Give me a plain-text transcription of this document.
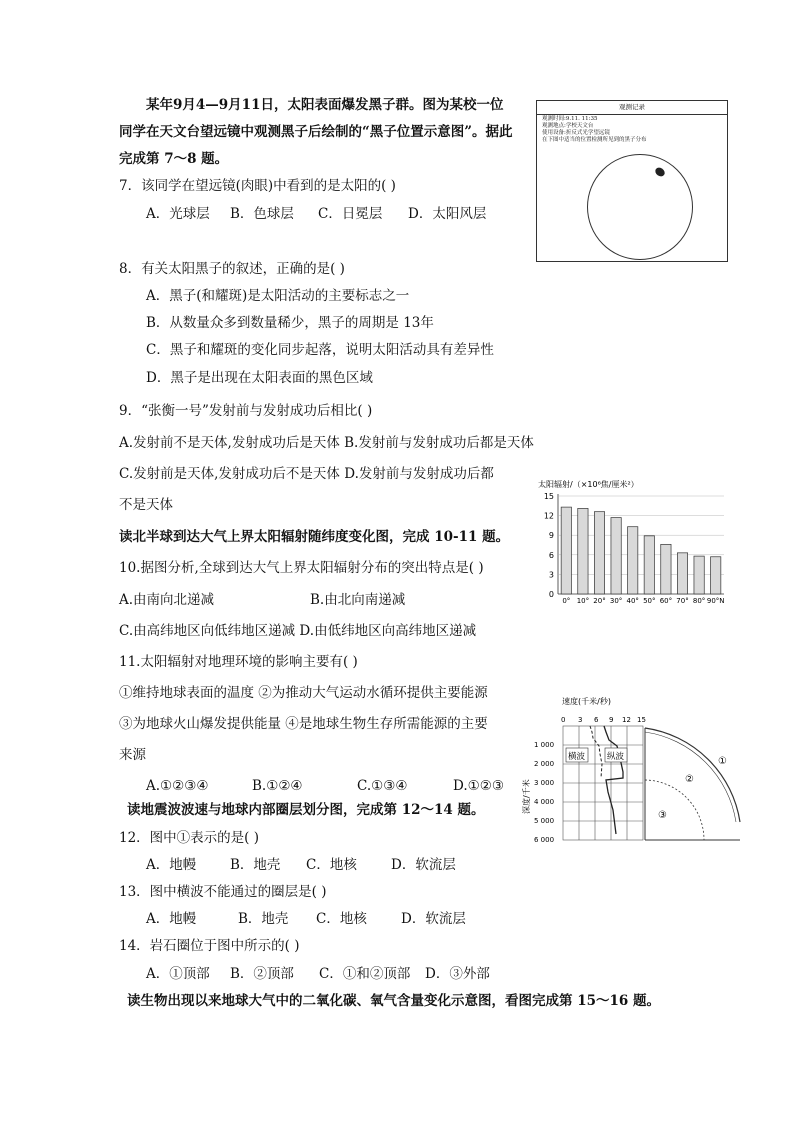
某年9月4—9月11日，太阳表面爆发黑子群。图为某校一位
同学在天文台望远镜中观测黑子后绘制的“黑子位置示意图”。据此
完成第 7～8 题。
观测记录
观测时间:9.11. 11:35
观测地点:学校天文台
使用设备:折反式光学望远镜
在下图中适当的位置检测所见到的黑子分布
7．该同学在望远镜(肉眼)中看到的是太阳的( )
A．光球层 B．色球层 C．日冕层 D．太阳风层
8．有关太阳黑子的叙述，正确的是( )
A．黑子(和耀斑)是太阳活动的主要标志之一
B．从数量众多到数量稀少，黑子的周期是 13年
C．黑子和耀斑的变化同步起落，说明太阳活动具有差异性
D．黑子是出现在太阳表面的黑色区域
9．“张衡一号”发射前与发射成功后相比( )
A.发射前不是天体,发射成功后是天体 B.发射前与发射成功后都是天体
C.发射前是天体,发射成功后不是天体 D.发射前与发射成功后都
不是天体
太阳辐射/（×10⁶焦/厘米²）
0
3
6
9
12
15
0° 10° 20° 30° 40° 50° 60° 70° 80° 90°N
读北半球到达大气上界太阳辐射随纬度变化图，完成 10-11 题。
10.据图分析,全球到达大气上界太阳辐射分布的突出特点是( )
A.由南向北递减	B.由北向南递减
C.由高纬地区向低纬地区递减 D.由低纬地区向高纬地区递减
11.太阳辐射对地理环境的影响主要有( )
①维持地球表面的温度 ②为推动大气运动水循环提供主要能源
③为地球火山爆发提供能量 ④是地球生物生存所需能源的主要
来源
A.①②③④	B.①②④	C.①③④	D.①②③
读地震波波速与地球内部圈层划分图，完成第 12～14 题。
速度(千米/秒)
0 3 6 9 12 15
1 000
2 000
3 000
4 000
5 000
6 000
深度/千米
横波	纵波	①
②
③
12．图中①表示的是( )
A．地幔	B．地壳 C．地核	D．软流层
13．图中横波不能通过的圈层是( )
A．地幔	B．地壳 C．地核	D．软流层
14．岩石圈位于图中所示的( )
A．①顶部 B．②顶部 C．①和②顶部 D．③外部
读生物出现以来地球大气中的二氧化碳、氧气含量变化示意图，看图完成第 15～16 题。
